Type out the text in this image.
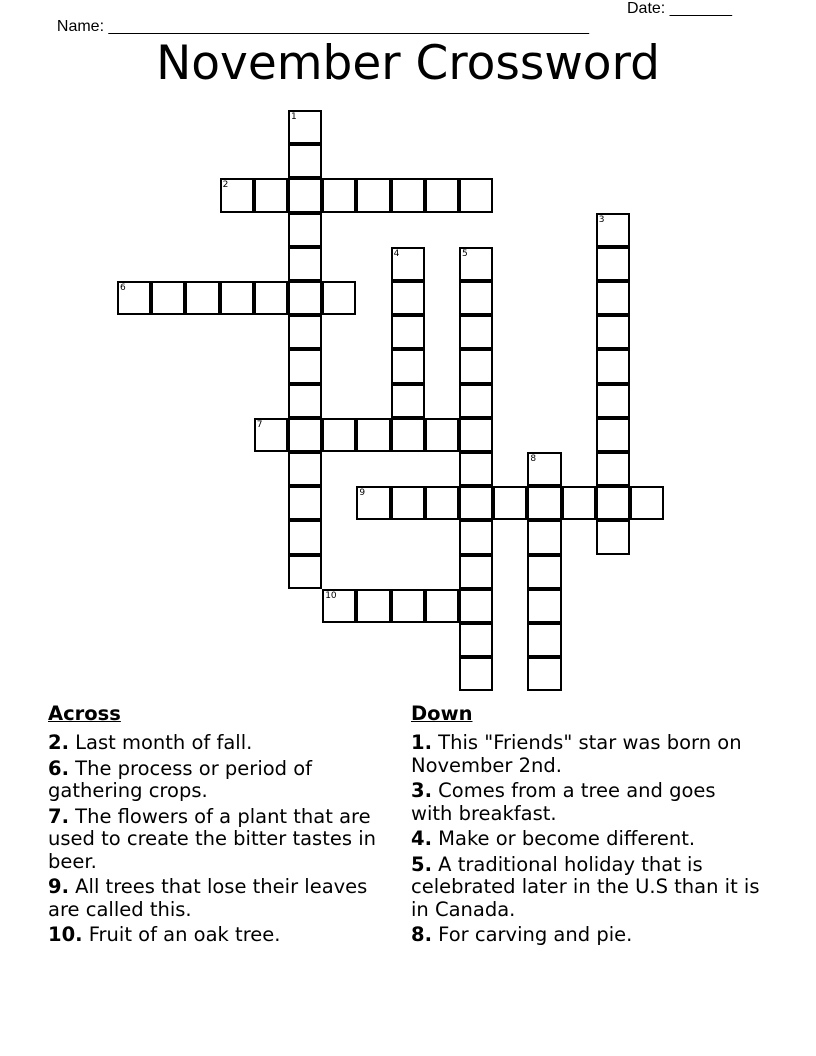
Name: ______________________________________________________

Date: _______

November Crossword
1
2
3
4	5
6
7
8
9
10
Across
2. Last month of fall.
6. The process or period of gathering crops.
7. The flowers of a plant that are used to create the bitter tastes in beer.
9. All trees that lose their leaves are called this.
10. Fruit of an oak tree.
Down
1. This "Friends" star was born on November 2nd.
3. Comes from a tree and goes with breakfast.
4. Make or become different.
5. A traditional holiday that is celebrated later in the U.S than it is in Canada.
8. For carving and pie.
